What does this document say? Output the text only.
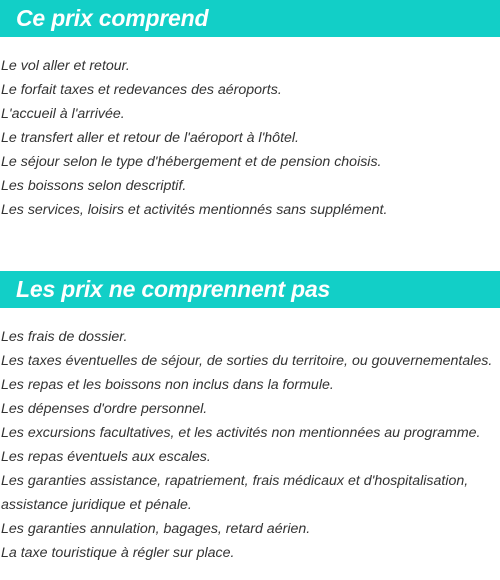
Ce prix comprend
Le vol aller et retour.
Le forfait taxes et redevances des aéroports.
L'accueil à l'arrivée.
Le transfert aller et retour de l'aéroport à l'hôtel.
Le séjour selon le type d'hébergement et de pension choisis.
Les boissons selon descriptif.
Les services, loisirs et activités mentionnés sans supplément.
Les prix ne comprennent pas
Les frais de dossier.
Les taxes éventuelles de séjour, de sorties du territoire, ou gouvernementales.
Les repas et les boissons non inclus dans la formule.
Les dépenses d'ordre personnel.
Les excursions facultatives, et les activités non mentionnées au programme.
Les repas éventuels aux escales.
Les garanties assistance, rapatriement, frais médicaux et d'hospitalisation, assistance juridique et pénale.
Les garanties annulation, bagages, retard aérien.
La taxe touristique à régler sur place.
